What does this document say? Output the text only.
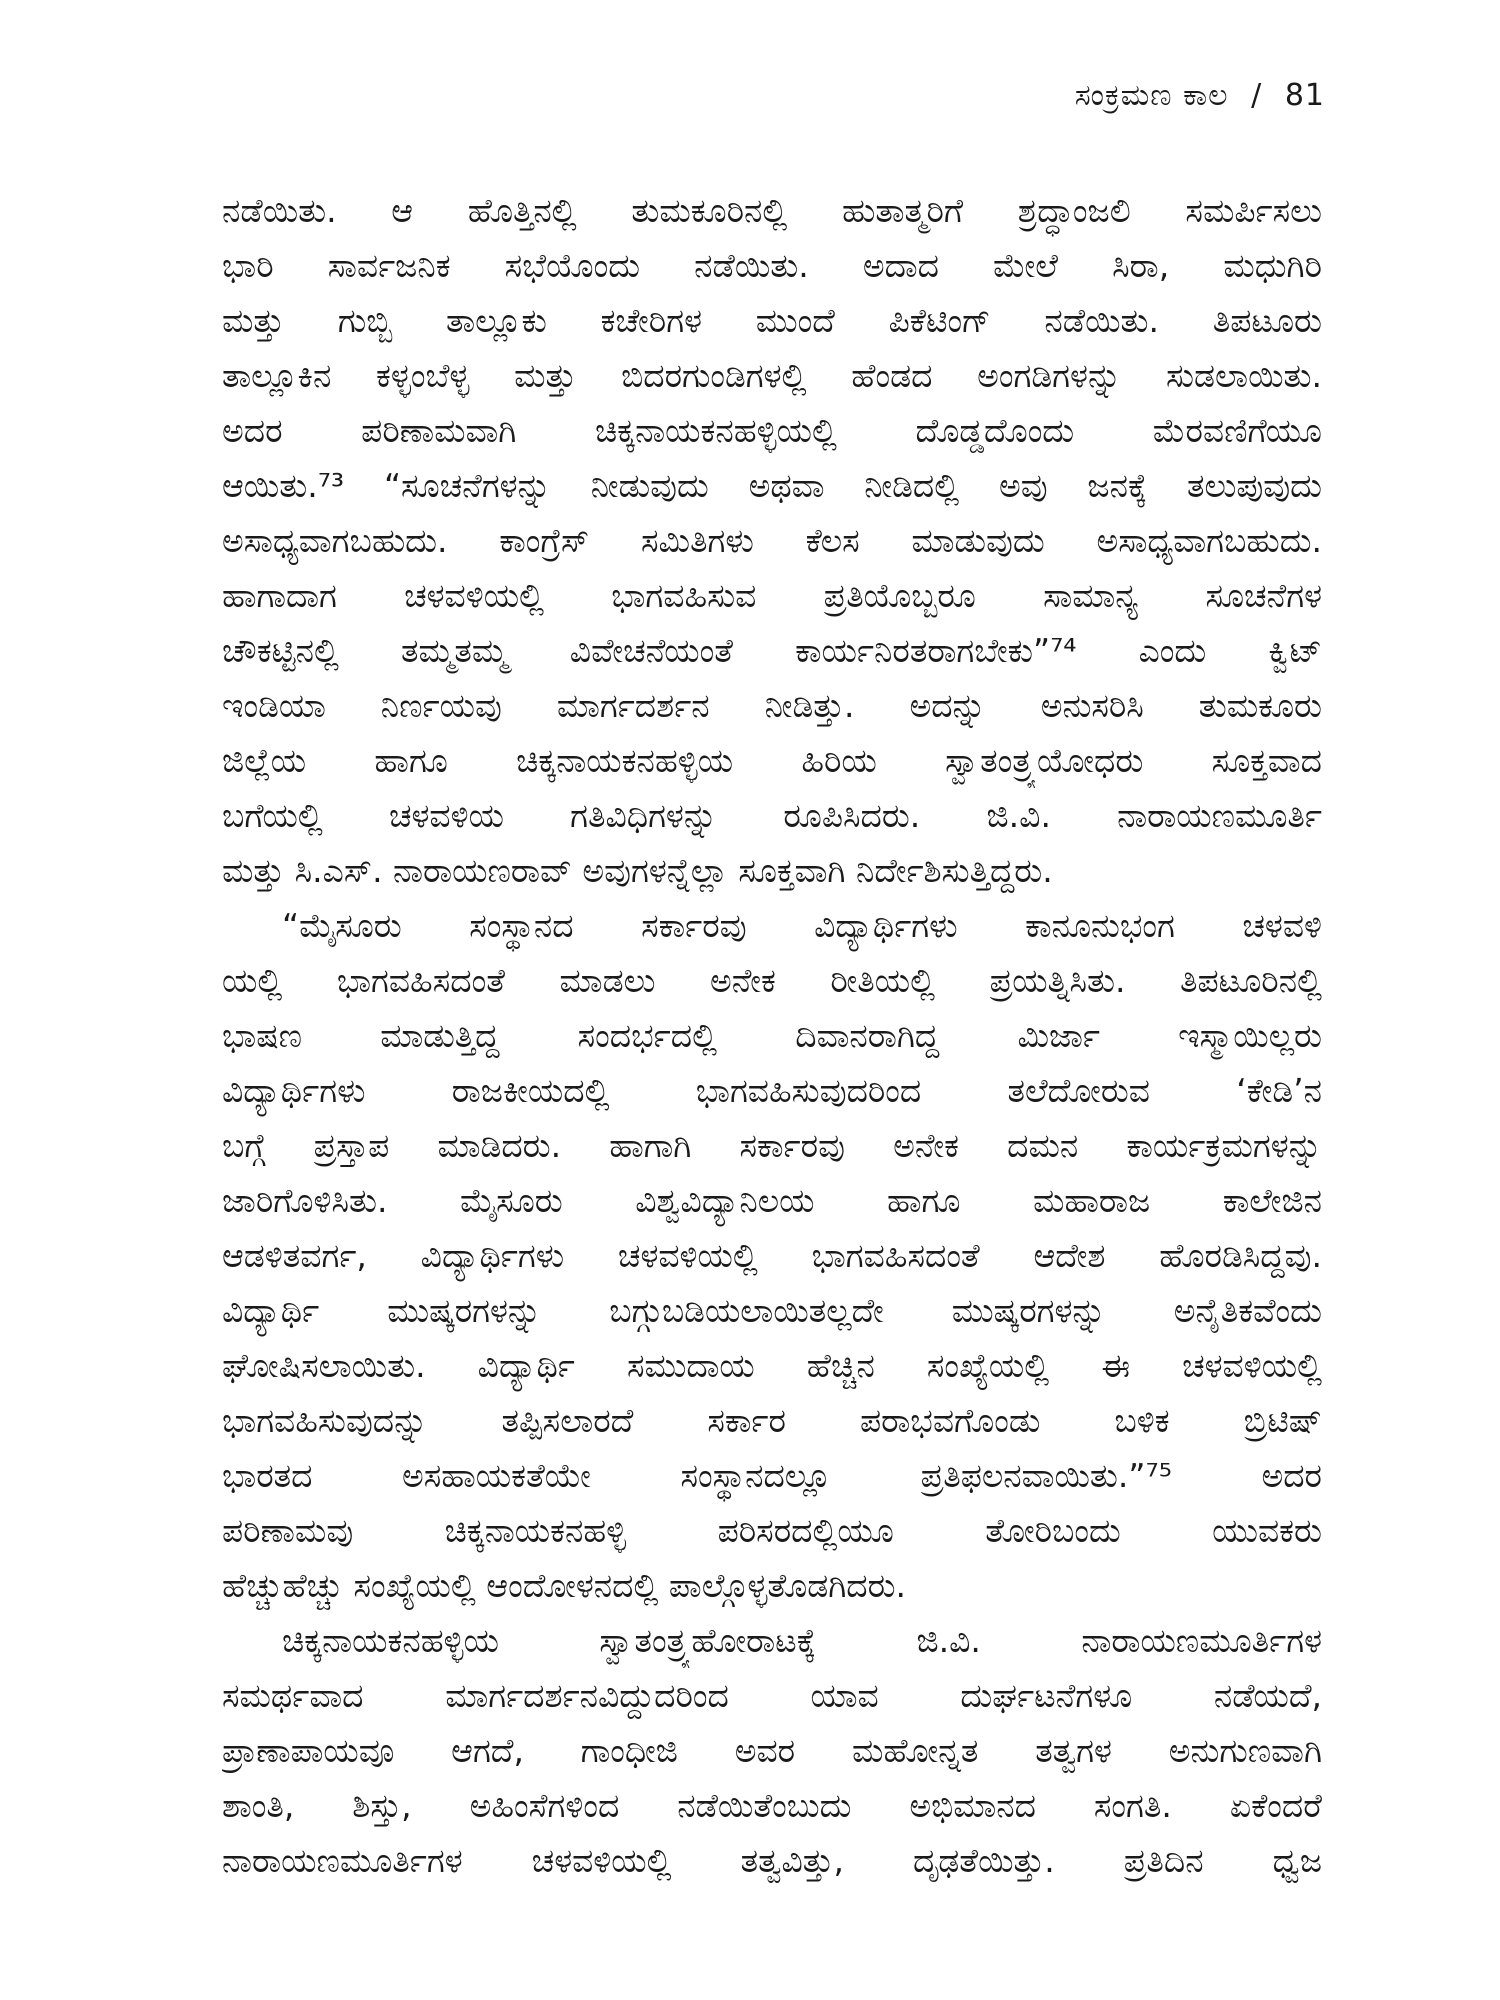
ಸಂಕ್ರಮಣ ಕಾಲ / 81
ನಡೆಯಿತು. ಆ ಹೊತ್ತಿನಲ್ಲಿ ತುಮಕೂರಿನಲ್ಲಿ ಹುತಾತ್ಮರಿಗೆ ಶ್ರದ್ಧಾಂಜಲಿ ಸಮರ್ಪಿಸಲು
ಭಾರಿ ಸಾರ್ವಜನಿಕ ಸಭೆಯೊಂದು ನಡೆಯಿತು. ಅದಾದ ಮೇಲೆ ಸಿರಾ, ಮಧುಗಿರಿ
ಮತ್ತು ಗುಬ್ಬಿ ತಾಲ್ಲೂಕು ಕಚೇರಿಗಳ ಮುಂದೆ ಪಿಕೆಟಿಂಗ್ ನಡೆಯಿತು. ತಿಪಟೂರು
ತಾಲ್ಲೂಕಿನ ಕಳ್ಳಂಬೆಳ್ಳ ಮತ್ತು ಬಿದರಗುಂಡಿಗಳಲ್ಲಿ ಹೆಂಡದ ಅಂಗಡಿಗಳನ್ನು ಸುಡಲಾಯಿತು.
ಅದರ ಪರಿಣಾಮವಾಗಿ ಚಿಕ್ಕನಾಯಕನಹಳ್ಳಿಯಲ್ಲಿ ದೊಡ್ಡದೊಂದು ಮೆರವಣಿಗೆಯೂ
ಆಯಿತು.⁷³ “ಸೂಚನೆಗಳನ್ನು ನೀಡುವುದು ಅಥವಾ ನೀಡಿದಲ್ಲಿ ಅವು ಜನಕ್ಕೆ ತಲುಪುವುದು
ಅಸಾಧ್ಯವಾಗಬಹುದು. ಕಾಂಗ್ರೆಸ್ ಸಮಿತಿಗಳು ಕೆಲಸ ಮಾಡುವುದು ಅಸಾಧ್ಯವಾಗಬಹುದು.
ಹಾಗಾದಾಗ ಚಳವಳಿಯಲ್ಲಿ ಭಾಗವಹಿಸುವ ಪ್ರತಿಯೊಬ್ಬರೂ ಸಾಮಾನ್ಯ ಸೂಚನೆಗಳ
ಚೌಕಟ್ಟಿನಲ್ಲಿ ತಮ್ಮತಮ್ಮ ವಿವೇಚನೆಯಂತೆ ಕಾರ್ಯನಿರತರಾಗಬೇಕು”⁷⁴ ಎಂದು ಕ್ವಿಟ್
ಇಂಡಿಯಾ ನಿರ್ಣಯವು ಮಾರ್ಗದರ್ಶನ ನೀಡಿತ್ತು. ಅದನ್ನು ಅನುಸರಿಸಿ ತುಮಕೂರು
ಜಿಲ್ಲೆಯ ಹಾಗೂ ಚಿಕ್ಕನಾಯಕನಹಳ್ಳಿಯ ಹಿರಿಯ ಸ್ವಾತಂತ್ರ್ಯಯೋಧರು ಸೂಕ್ತವಾದ
ಬಗೆಯಲ್ಲಿ ಚಳವಳಿಯ ಗತಿವಿಧಿಗಳನ್ನು ರೂಪಿಸಿದರು. ಜಿ.ವಿ. ನಾರಾಯಣಮೂರ್ತಿ
ಮತ್ತು ಸಿ.ಎಸ್. ನಾರಾಯಣರಾವ್ ಅವುಗಳನ್ನೆಲ್ಲಾ ಸೂಕ್ತವಾಗಿ ನಿರ್ದೇಶಿಸುತ್ತಿದ್ದರು.
“ಮೈಸೂರು ಸಂಸ್ಥಾನದ ಸರ್ಕಾರವು ವಿದ್ಯಾರ್ಥಿಗಳು ಕಾನೂನುಭಂಗ ಚಳವಳಿ
ಯಲ್ಲಿ ಭಾಗವಹಿಸದಂತೆ ಮಾಡಲು ಅನೇಕ ರೀತಿಯಲ್ಲಿ ಪ್ರಯತ್ನಿಸಿತು. ತಿಪಟೂರಿನಲ್ಲಿ
ಭಾಷಣ ಮಾಡುತ್ತಿದ್ದ ಸಂದರ್ಭದಲ್ಲಿ ದಿವಾನರಾಗಿದ್ದ ಮಿರ್ಜಾ ಇಸ್ಮಾಯಿಲ್ಲರು
ವಿದ್ಯಾರ್ಥಿಗಳು ರಾಜಕೀಯದಲ್ಲಿ ಭಾಗವಹಿಸುವುದರಿಂದ ತಲೆದೋರುವ ‘ಕೇಡಿ’ನ
ಬಗ್ಗೆ ಪ್ರಸ್ತಾಪ ಮಾಡಿದರು. ಹಾಗಾಗಿ ಸರ್ಕಾರವು ಅನೇಕ ದಮನ ಕಾರ್ಯಕ್ರಮಗಳನ್ನು
ಜಾರಿಗೊಳಿಸಿತು. ಮೈಸೂರು ವಿಶ್ವವಿದ್ಯಾನಿಲಯ ಹಾಗೂ ಮಹಾರಾಜ ಕಾಲೇಜಿನ
ಆಡಳಿತವರ್ಗ, ವಿದ್ಯಾರ್ಥಿಗಳು ಚಳವಳಿಯಲ್ಲಿ ಭಾಗವಹಿಸದಂತೆ ಆದೇಶ ಹೊರಡಿಸಿದ್ದವು.
ವಿದ್ಯಾರ್ಥಿ ಮುಷ್ಕರಗಳನ್ನು ಬಗ್ಗುಬಡಿಯಲಾಯಿತಲ್ಲದೇ ಮುಷ್ಕರಗಳನ್ನು ಅನೈತಿಕವೆಂದು
ಘೋಷಿಸಲಾಯಿತು. ವಿದ್ಯಾರ್ಥಿ ಸಮುದಾಯ ಹೆಚ್ಚಿನ ಸಂಖ್ಯೆಯಲ್ಲಿ ಈ ಚಳವಳಿಯಲ್ಲಿ
ಭಾಗವಹಿಸುವುದನ್ನು ತಪ್ಪಿಸಲಾರದೆ ಸರ್ಕಾರ ಪರಾಭವಗೊಂಡು ಬಳಿಕ ಬ್ರಿಟಿಷ್
ಭಾರತದ ಅಸಹಾಯಕತೆಯೇ ಸಂಸ್ಥಾನದಲ್ಲೂ ಪ್ರತಿಫಲನವಾಯಿತು.”⁷⁵ ಅದರ
ಪರಿಣಾಮವು ಚಿಕ್ಕನಾಯಕನಹಳ್ಳಿ ಪರಿಸರದಲ್ಲಿಯೂ ತೋರಿಬಂದು ಯುವಕರು
ಹೆಚ್ಚುಹೆಚ್ಚು ಸಂಖ್ಯೆಯಲ್ಲಿ ಆಂದೋಳನದಲ್ಲಿ ಪಾಲ್ಗೊಳ್ಳತೊಡಗಿದರು.
ಚಿಕ್ಕನಾಯಕನಹಳ್ಳಿಯ ಸ್ವಾತಂತ್ರ್ಯಹೋರಾಟಕ್ಕೆ ಜಿ.ವಿ. ನಾರಾಯಣಮೂರ್ತಿಗಳ
ಸಮರ್ಥವಾದ ಮಾರ್ಗದರ್ಶನವಿದ್ದುದರಿಂದ ಯಾವ ದುರ್ಘಟನೆಗಳೂ ನಡೆಯದೆ,
ಪ್ರಾಣಾಪಾಯವೂ ಆಗದೆ, ಗಾಂಧೀಜಿ ಅವರ ಮಹೋನ್ನತ ತತ್ವಗಳ ಅನುಗುಣವಾಗಿ
ಶಾಂತಿ, ಶಿಸ್ತು, ಅಹಿಂಸೆಗಳಿಂದ ನಡೆಯಿತೆಂಬುದು ಅಭಿಮಾನದ ಸಂಗತಿ. ಏಕೆಂದರೆ
ನಾರಾಯಣಮೂರ್ತಿಗಳ ಚಳವಳಿಯಲ್ಲಿ ತತ್ವವಿತ್ತು, ದೃಢತೆಯಿತ್ತು. ಪ್ರತಿದಿನ ಧ್ವಜ
